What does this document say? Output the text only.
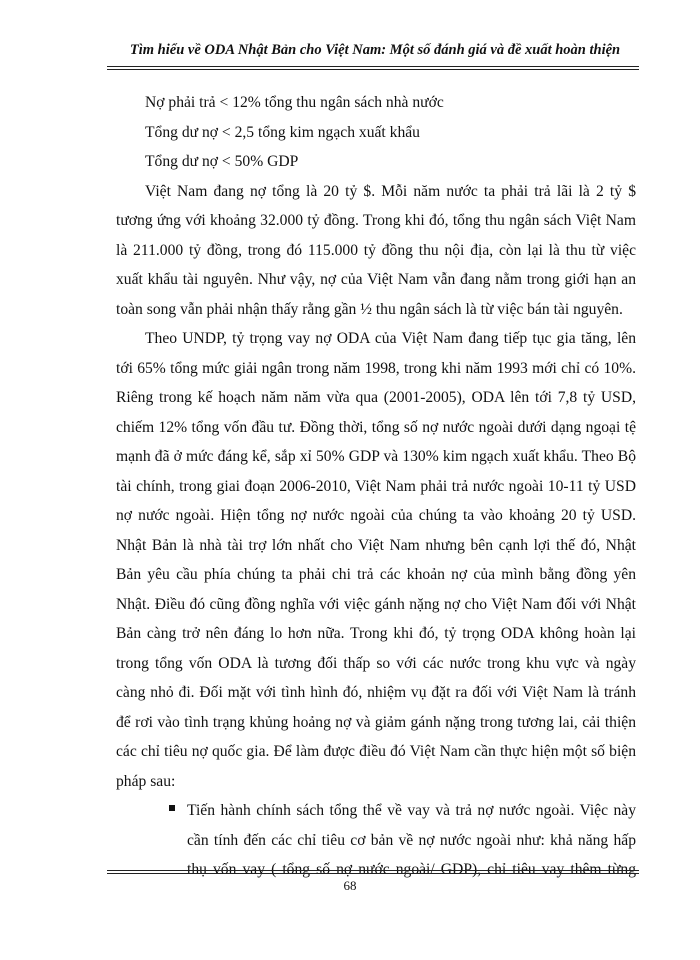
Tìm hiểu về ODA Nhật Bản cho Việt Nam: Một số đánh giá và đề xuất hoàn thiện
Nợ phải trả < 12% tổng thu ngân sách nhà nước
Tổng dư nợ < 2,5 tổng kim ngạch xuất khẩu
Tổng dư nợ < 50% GDP
Việt Nam đang nợ tổng là 20 tỷ $. Mỗi năm nước ta phải trả lãi là 2 tỷ $
tương ứng với khoảng 32.000 tỷ đồng. Trong khi đó, tổng thu ngân sách Việt Nam
là 211.000 tỷ đồng, trong đó 115.000 tỷ đồng thu nội địa, còn lại là thu từ việc
xuất khẩu tài nguyên. Như vậy, nợ của Việt Nam vẫn đang nằm trong giới hạn an
toàn song vẫn phải nhận thấy rằng gần ½ thu ngân sách là từ việc bán tài nguyên.
Theo UNDP, tỷ trọng vay nợ ODA của Việt Nam đang tiếp tục gia tăng, lên
tới 65% tổng mức giải ngân trong năm 1998, trong khi năm 1993 mới chỉ có 10%.
Riêng trong kế hoạch năm năm vừa qua (2001-2005), ODA lên tới 7,8 tỷ USD,
chiếm 12% tổng vốn đầu tư. Đồng thời, tổng số nợ nước ngoài dưới dạng ngoại tệ
mạnh đã ở mức đáng kể, sắp xỉ 50% GDP và 130% kim ngạch xuất khẩu. Theo Bộ
tài chính, trong giai đoạn 2006-2010, Việt Nam phải trả nước ngoài 10-11 tỷ USD
nợ nước ngoài. Hiện tổng nợ nước ngoài của chúng ta vào khoảng 20 tỷ USD.
Nhật Bản là nhà tài trợ lớn nhất cho Việt Nam nhưng bên cạnh lợi thế đó, Nhật
Bản yêu cầu phía chúng ta phải chi trả các khoản nợ của mình bằng đồng yên
Nhật. Điều đó cũng đồng nghĩa với việc gánh nặng nợ cho Việt Nam đối với Nhật
Bản càng trở nên đáng lo hơn nữa. Trong khi đó, tỷ trọng ODA không hoàn lại
trong tổng vốn ODA là tương đối thấp so với các nước trong khu vực và ngày
càng nhỏ đi. Đối mặt với tình hình đó, nhiệm vụ đặt ra đối với Việt Nam là tránh
để rơi vào tình trạng khủng hoảng nợ và giảm gánh nặng trong tương lai, cải thiện
các chỉ tiêu nợ quốc gia. Để làm được điều đó Việt Nam cần thực hiện một số biện
pháp sau:
Tiến hành chính sách tổng thể về vay và trả nợ nước ngoài. Việc này
cần tính đến các chỉ tiêu cơ bản về nợ nước ngoài như: khả năng hấp
thụ vốn vay ( tổng số nợ nước ngoài/ GDP), chỉ tiêu vay thêm từng
68
